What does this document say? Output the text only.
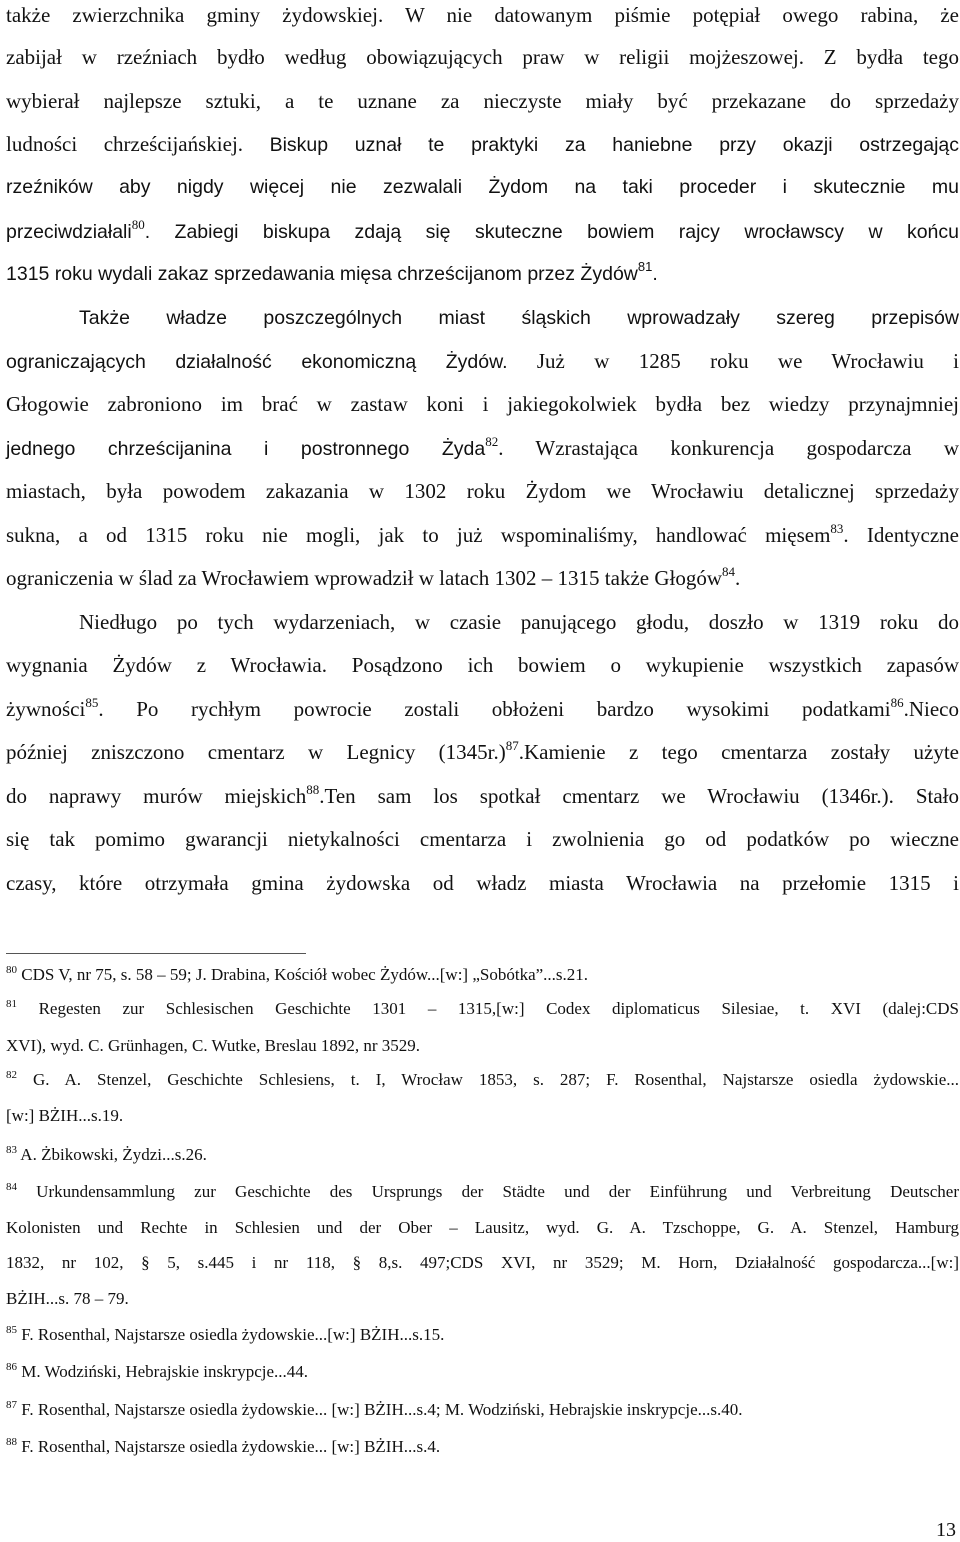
także zwierzchnika gminy żydowskiej. W nie datowanym piśmie potępiał owego rabina, że
zabijał w rzeźniach bydło według obowiązujących praw w religii mojżeszowej. Z bydła tego
wybierał najlepsze sztuki, a te uznane za nieczyste miały być przekazane do sprzedaży
ludności chrześcijańskiej. Biskup uznał te praktyki za haniebne przy okazji ostrzegając
rzeźników aby nigdy więcej nie zezwalali Żydom na taki proceder i skutecznie mu
przeciwdziałali$^{80}$. Zabiegi biskupa zdają się skuteczne bowiem rajcy wrocławscy w końcu
1315 roku wydali zakaz sprzedawania mięsa chrześcijanom przez Żydów$^{81}$.
Także władze poszczególnych miast śląskich wprowadzały szereg przepisów
ograniczających działalność ekonomiczną Żydów. Już w 1285 roku we Wrocławiu i
Głogowie zabroniono im brać w zastaw koni i jakiegokolwiek bydła bez wiedzy przynajmniej
jednego chrześcijanina i postronnego Żyda$^{82}$. Wzrastająca konkurencja gospodarcza w
miastach, była powodem zakazania w 1302 roku Żydom we Wrocławiu detalicznej sprzedaży
sukna, a od 1315 roku nie mogli, jak to już wspominaliśmy, handlować mięsem$^{83}$. Identyczne
ograniczenia w ślad za Wrocławiem wprowadził w latach 1302 – 1315 także Głogów$^{84}$.
Niedługo po tych wydarzeniach, w czasie panującego głodu, doszło w 1319 roku do
wygnania Żydów z Wrocławia. Posądzono ich bowiem o wykupienie wszystkich zapasów
żywności$^{85}$. Po rychłym powrocie zostali obłożeni bardzo wysokimi podatkami$^{86}$.Nieco
później zniszczono cmentarz w Legnicy $(1345r.)^{87}.Kamienie$ z tego cmentarza zostały użyte
do naprawy murów miejskich$^{88}$.Ten sam los spotkał cmentarz we Wrocławiu (1346r.). Stało
się tak pomimo gwarancji nietykalności cmentarza i zwolnienia go od podatków po wieczne
czasy, które otrzymała gmina żydowska od władz miasta Wrocławia na przełomie 1315 i
$^{80}$ CDS V, nr 75, s. 58 – 59; J. Drabina, Kościół wobec Żydów...[w:] „Sobótka”...s.21.
$^{81}$ Regesten zur Schlesischen Geschichte 1301 – 1315,[w:] Codex diplomaticus Silesiae, t. XVI (dalej:CDS
XVI), wyd. C. Grünhagen, C. Wutke, Breslau 1892, nr 3529.
$^{82}$ G. A. Stenzel, Geschichte Schlesiens, t. I, Wrocław 1853, s. 287; F. Rosenthal, Najstarsze osiedla żydowskie...
[w:] BŻIH...s.19.
$^{83}$ A. Żbikowski, Żydzi...s.26.
$^{84}$ Urkundensammlung zur Geschichte des Ursprungs der Städte und der Einführung und Verbreitung Deutscher
Kolonisten und Rechte in Schlesien und der Ober – Lausitz, wyd. G. A. Tzschoppe, G. A. Stenzel, Hamburg
1832, nr 102, § 5, s.445 i nr 118, § 8,s. 497;CDS XVI, nr 3529; M. Horn, Działalność gospodarcza...[w:]
BŻIH...s. 78 – 79.
$^{85}$ F. Rosenthal, Najstarsze osiedla żydowskie...[w:] BŻIH...s.15.
$^{86}$ M. Wodziński, Hebrajskie inskrypcje...44.
$^{87}$ F. Rosenthal, Najstarsze osiedla żydowskie... [w:] BŻIH...s.4; M. Wodziński, Hebrajskie inskrypcje...s.40.
$^{88}$ F. Rosenthal, Najstarsze osiedla żydowskie... [w:] BŻIH...s.4.
13
